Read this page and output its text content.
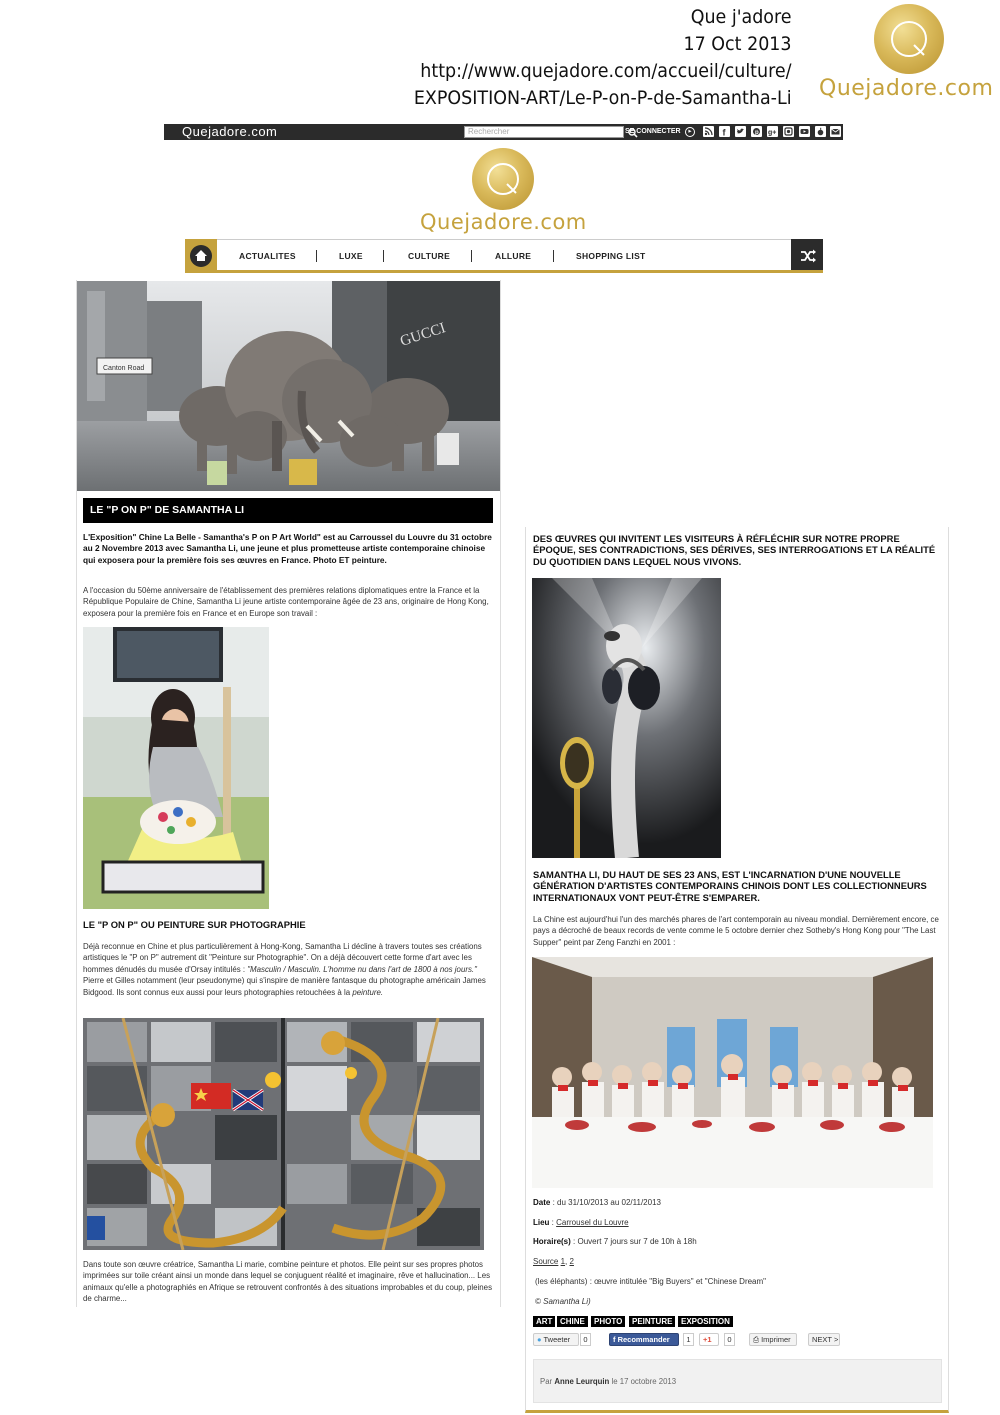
Que j'adore
17 Oct 2013
http://www.quejadore.com/accueil/culture/
EXPOSITION-ART/Le-P-on-P-de-Samantha-Li Quejadore.com
Quejadore.com	Rechercher	SE CONNECTER	f	p g+
Quejadore.com
ACTUALITES	LUXE	CULTURE	ALLURE	SHOPPING LIST
Canton Road
GUCCI
LE "P ON P" DE SAMANTHA LI
L'Exposition" Chine La Belle - Samantha's P on P Art World" est au Carroussel du Louvre du 31 octobre au 2 Novembre 2013 avec Samantha Li, une jeune et plus prometteuse artiste contemporaine chinoise qui exposera pour la première fois ses œuvres en France. Photo ET peinture.
A l'occasion du 50ème anniversaire de l'établissement des premières relations diplomatiques entre la France et la République Populaire de Chine, Samantha Li jeune artiste contemporaine âgée de 23 ans, originaire de Hong Kong, exposera pour la première fois en France et en Europe son travail :
LE "P ON P" OU PEINTURE SUR PHOTOGRAPHIE
Déjà reconnue en Chine et plus particulièrement à Hong-Kong, Samantha Li décline à travers toutes ses créations artistiques le "P on P" autrement dit "Peinture sur Photographie". On a déjà découvert cette forme d'art avec les hommes dénudés du musée d'Orsay intitulés : "Masculin / Masculin. L'homme nu dans l'art de 1800 à nos jours." Pierre et Gilles notamment (leur pseudonyme) qui s'inspire de manière fantasque du photographe américain James Bidgood. Ils sont connus eux aussi pour leurs photographies retouchées à la peinture.
Dans toute son œuvre créatrice, Samantha Li marie, combine peinture et photos. Elle peint sur ses propres photos imprimées sur toile créant ainsi un monde dans lequel se conjuguent réalité et imaginaire, rêve et hallucination... Les animaux qu'elle a photographiés en Afrique se retrouvent confrontés à des situations improbables et du coup, pleines de charme...
DES ŒUVRES QUI INVITENT LES VISITEURS À RÉFLÉCHIR SUR NOTRE PROPRE ÉPOQUE, SES CONTRADICTIONS, SES DÉRIVES, SES INTERROGATIONS ET LA RÉALITÉ DU QUOTIDIEN DANS LEQUEL NOUS VIVONS.
SAMANTHA LI, DU HAUT DE SES 23 ANS, EST L'INCARNATION D'UNE NOUVELLE GÉNÉRATION D'ARTISTES CONTEMPORAINS CHINOIS DONT LES COLLECTIONNEURS INTERNATIONAUX VONT PEUT-ÊTRE S'EMPARER.
La Chine est aujourd'hui l'un des marchés phares de l'art contemporain au niveau mondial. Dernièrement encore, ce pays a décroché de beaux records de vente comme le 5 octobre dernier chez Sotheby's Hong Kong pour "The Last Supper" peint par Zeng Fanzhi en 2001 :
Date : du 31/10/2013 au 02/11/2013
Lieu : Carrousel du Louvre
Horaire(s) : Ouvert 7 jours sur 7 de 10h à 18h
Source 1, 2
(les éléphants) : œuvre intitulée "Big Buyers" et "Chinese Dream"
© Samantha Li)
ART CHINE	PHOTO	PEINTURE	EXPOSITION
● Tweeter	0	f Recommander	1	+1	0	⎙ Imprimer	NEXT >
Par Anne Leurquin le 17 octobre 2013
